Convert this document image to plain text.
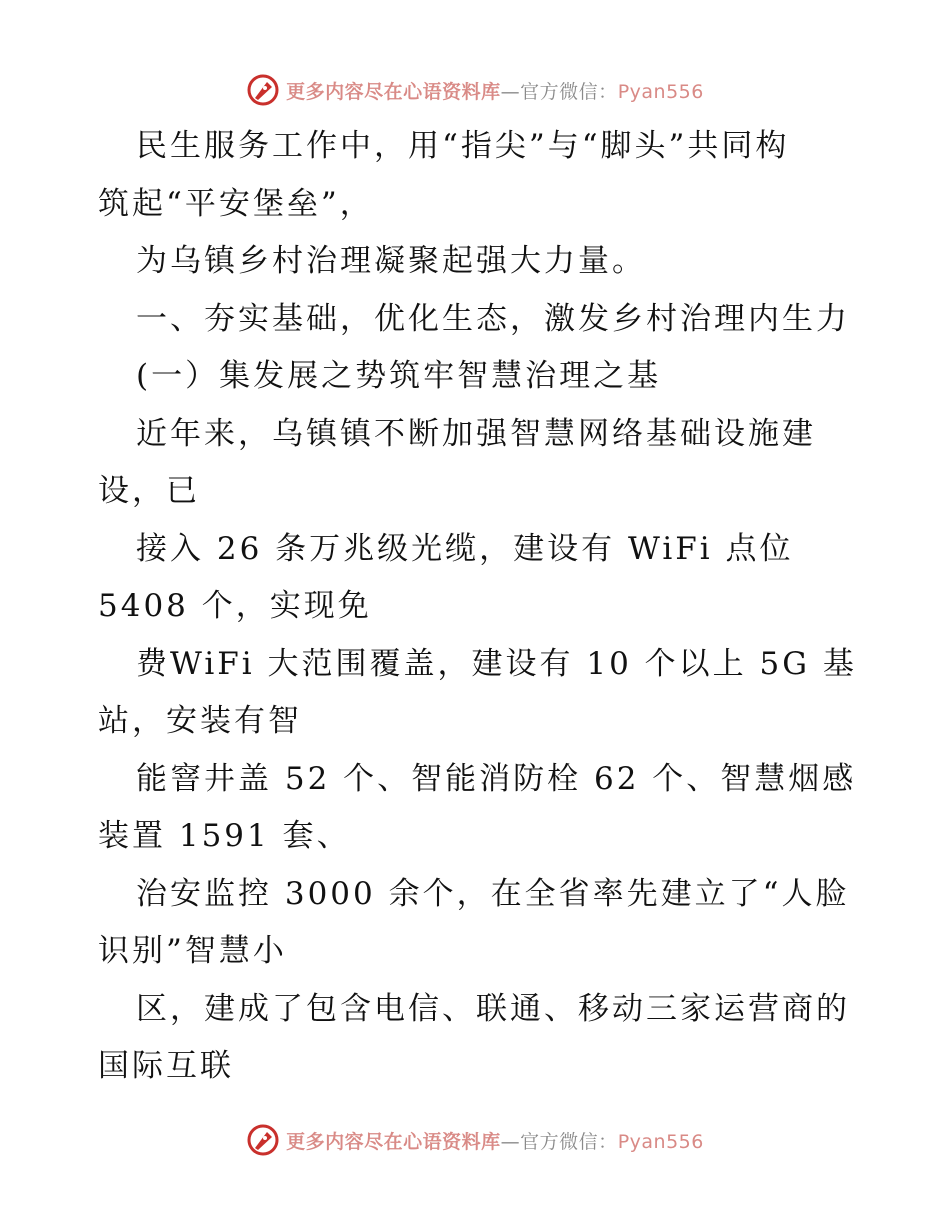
更多内容尽在心语资料库—官方微信：Pyan556
民生服务工作中，用“指尖”与“脚头”共同构
筑起“平安堡垒”，
为乌镇乡村治理凝聚起强大力量。
一、夯实基础，优化生态，激发乡村治理内生力
(一）集发展之势筑牢智慧治理之基
近年来，乌镇镇不断加强智慧网络基础设施建
设，已
接入 26 条万兆级光缆，建设有 WiFi 点位
5408 个，实现免
费WiFi 大范围覆盖，建设有 10 个以上 5G 基
站，安装有智
能窨井盖 52 个、智能消防栓 62 个、智慧烟感
装置 1591 套、
治安监控 3000 余个，在全省率先建立了“人脸
识别”智慧小
区，建成了包含电信、联通、移动三家运营商的
国际互联
更多内容尽在心语资料库—官方微信：Pyan556
